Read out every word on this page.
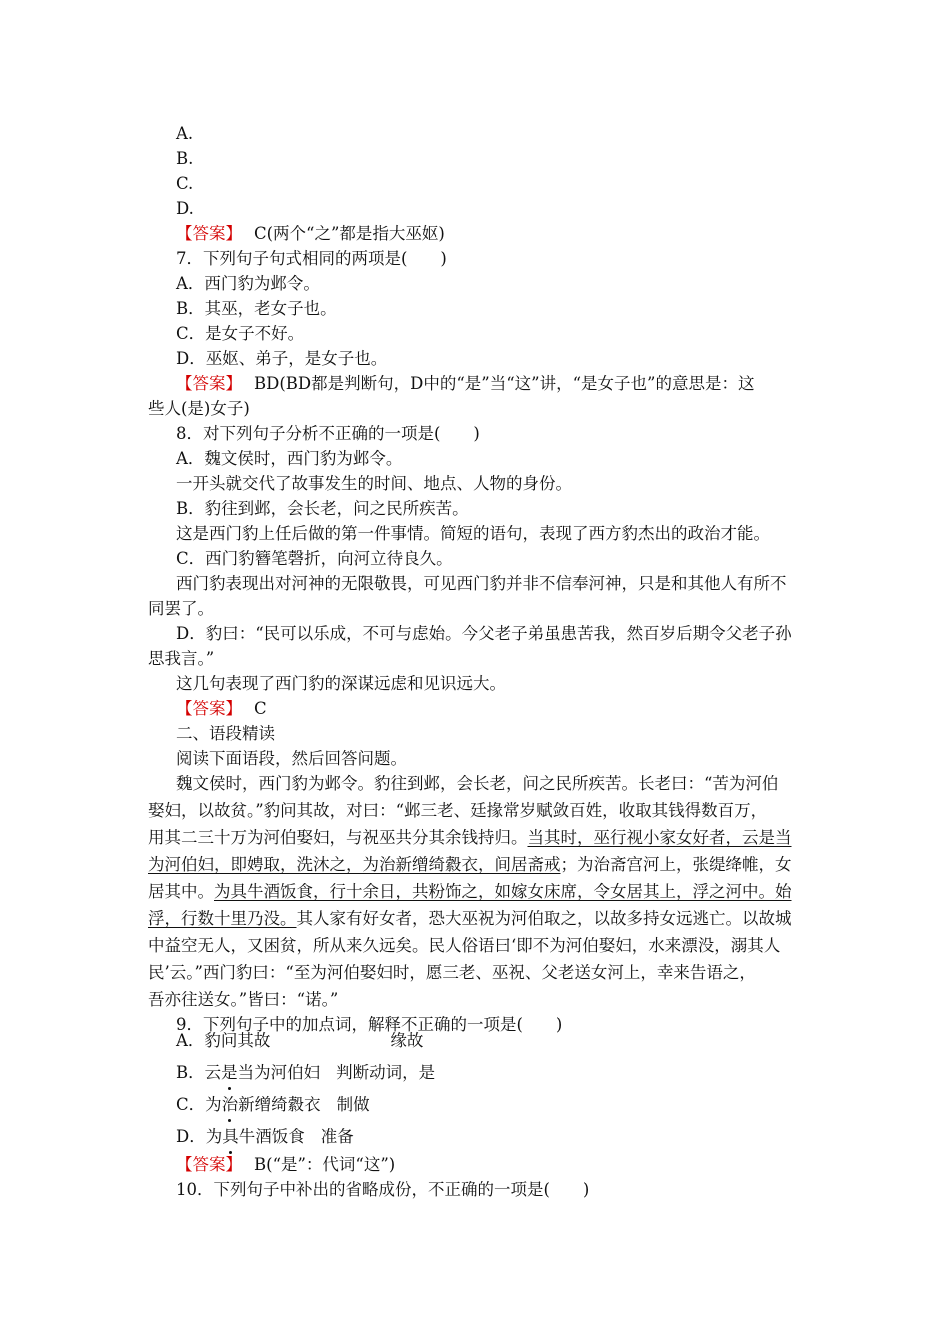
A.
B.
C.
D.
【答案】 C(两个“之”都是指大巫妪)
7．下列句子句式相同的两项是(　　)
A．西门豹为邺令。
B．其巫，老女子也。
C．是女子不好。
D．巫妪、弟子，是女子也。
【答案】 BD(BD都是判断句，D中的“是”当“这”讲，“是女子也”的意思是：这
些人(是)女子)
8．对下列句子分析不正确的一项是(　　)
A．魏文侯时，西门豹为邺令。
一开头就交代了故事发生的时间、地点、人物的身份。
B．豹往到邺，会长老，问之民所疾苦。
这是西门豹上任后做的第一件事情。简短的语句，表现了西方豹杰出的政治才能。
C．西门豹簪笔磬折，向河立待良久。
西门豹表现出对河神的无限敬畏，可见西门豹并非不信奉河神，只是和其他人有所不
同罢了。
D．豹曰：“民可以乐成，不可与虑始。今父老子弟虽患苦我，然百岁后期令父老子孙
思我言。”
这几句表现了西门豹的深谋远虑和见识远大。
【答案】 C
二、语段精读
阅读下面语段，然后回答问题。
魏文侯时，西门豹为邺令。豹往到邺，会长老，问之民所疾苦。长老曰：“苦为河伯
娶妇，以故贫。”豹问其故，对曰：“邺三老、廷掾常岁赋敛百姓，收取其钱得数百万，
用其二三十万为河伯娶妇，与祝巫共分其余钱持归。当其时，巫行视小家女好者，云是当
为河伯妇，即娉取，洗沐之，为治新缯绮縠衣，间居斋戒；为治斋宫河上，张缇绛帷，女
居其中。为具牛酒饭食，行十余日，共粉饰之，如嫁女床席，令女居其上，浮之河中。始
浮，行数十里乃没。其人家有好女者，恐大巫祝为河伯取之，以故多持女远逃亡。以故城
中益空无人，又困贫，所从来久远矣。民人俗语曰‘即不为河伯娶妇，水来漂没，溺其人
民’云。”西门豹曰：“至为河伯娶妇时，愿三老、巫祝、父老送女河上，幸来告语之，
吾亦往送女。”皆曰：“诺。”
9．下列句子中的加点词，解释不正确的一项是(　　)
A．豹问其故	缘故
B．云是当为河伯妇 判断动词，是
C．为治新缯绮縠衣 制做
D．为具牛酒饭食 准备
【答案】 B(“是”：代词“这”)
10．下列句子中补出的省略成份，不正确的一项是(　　)
